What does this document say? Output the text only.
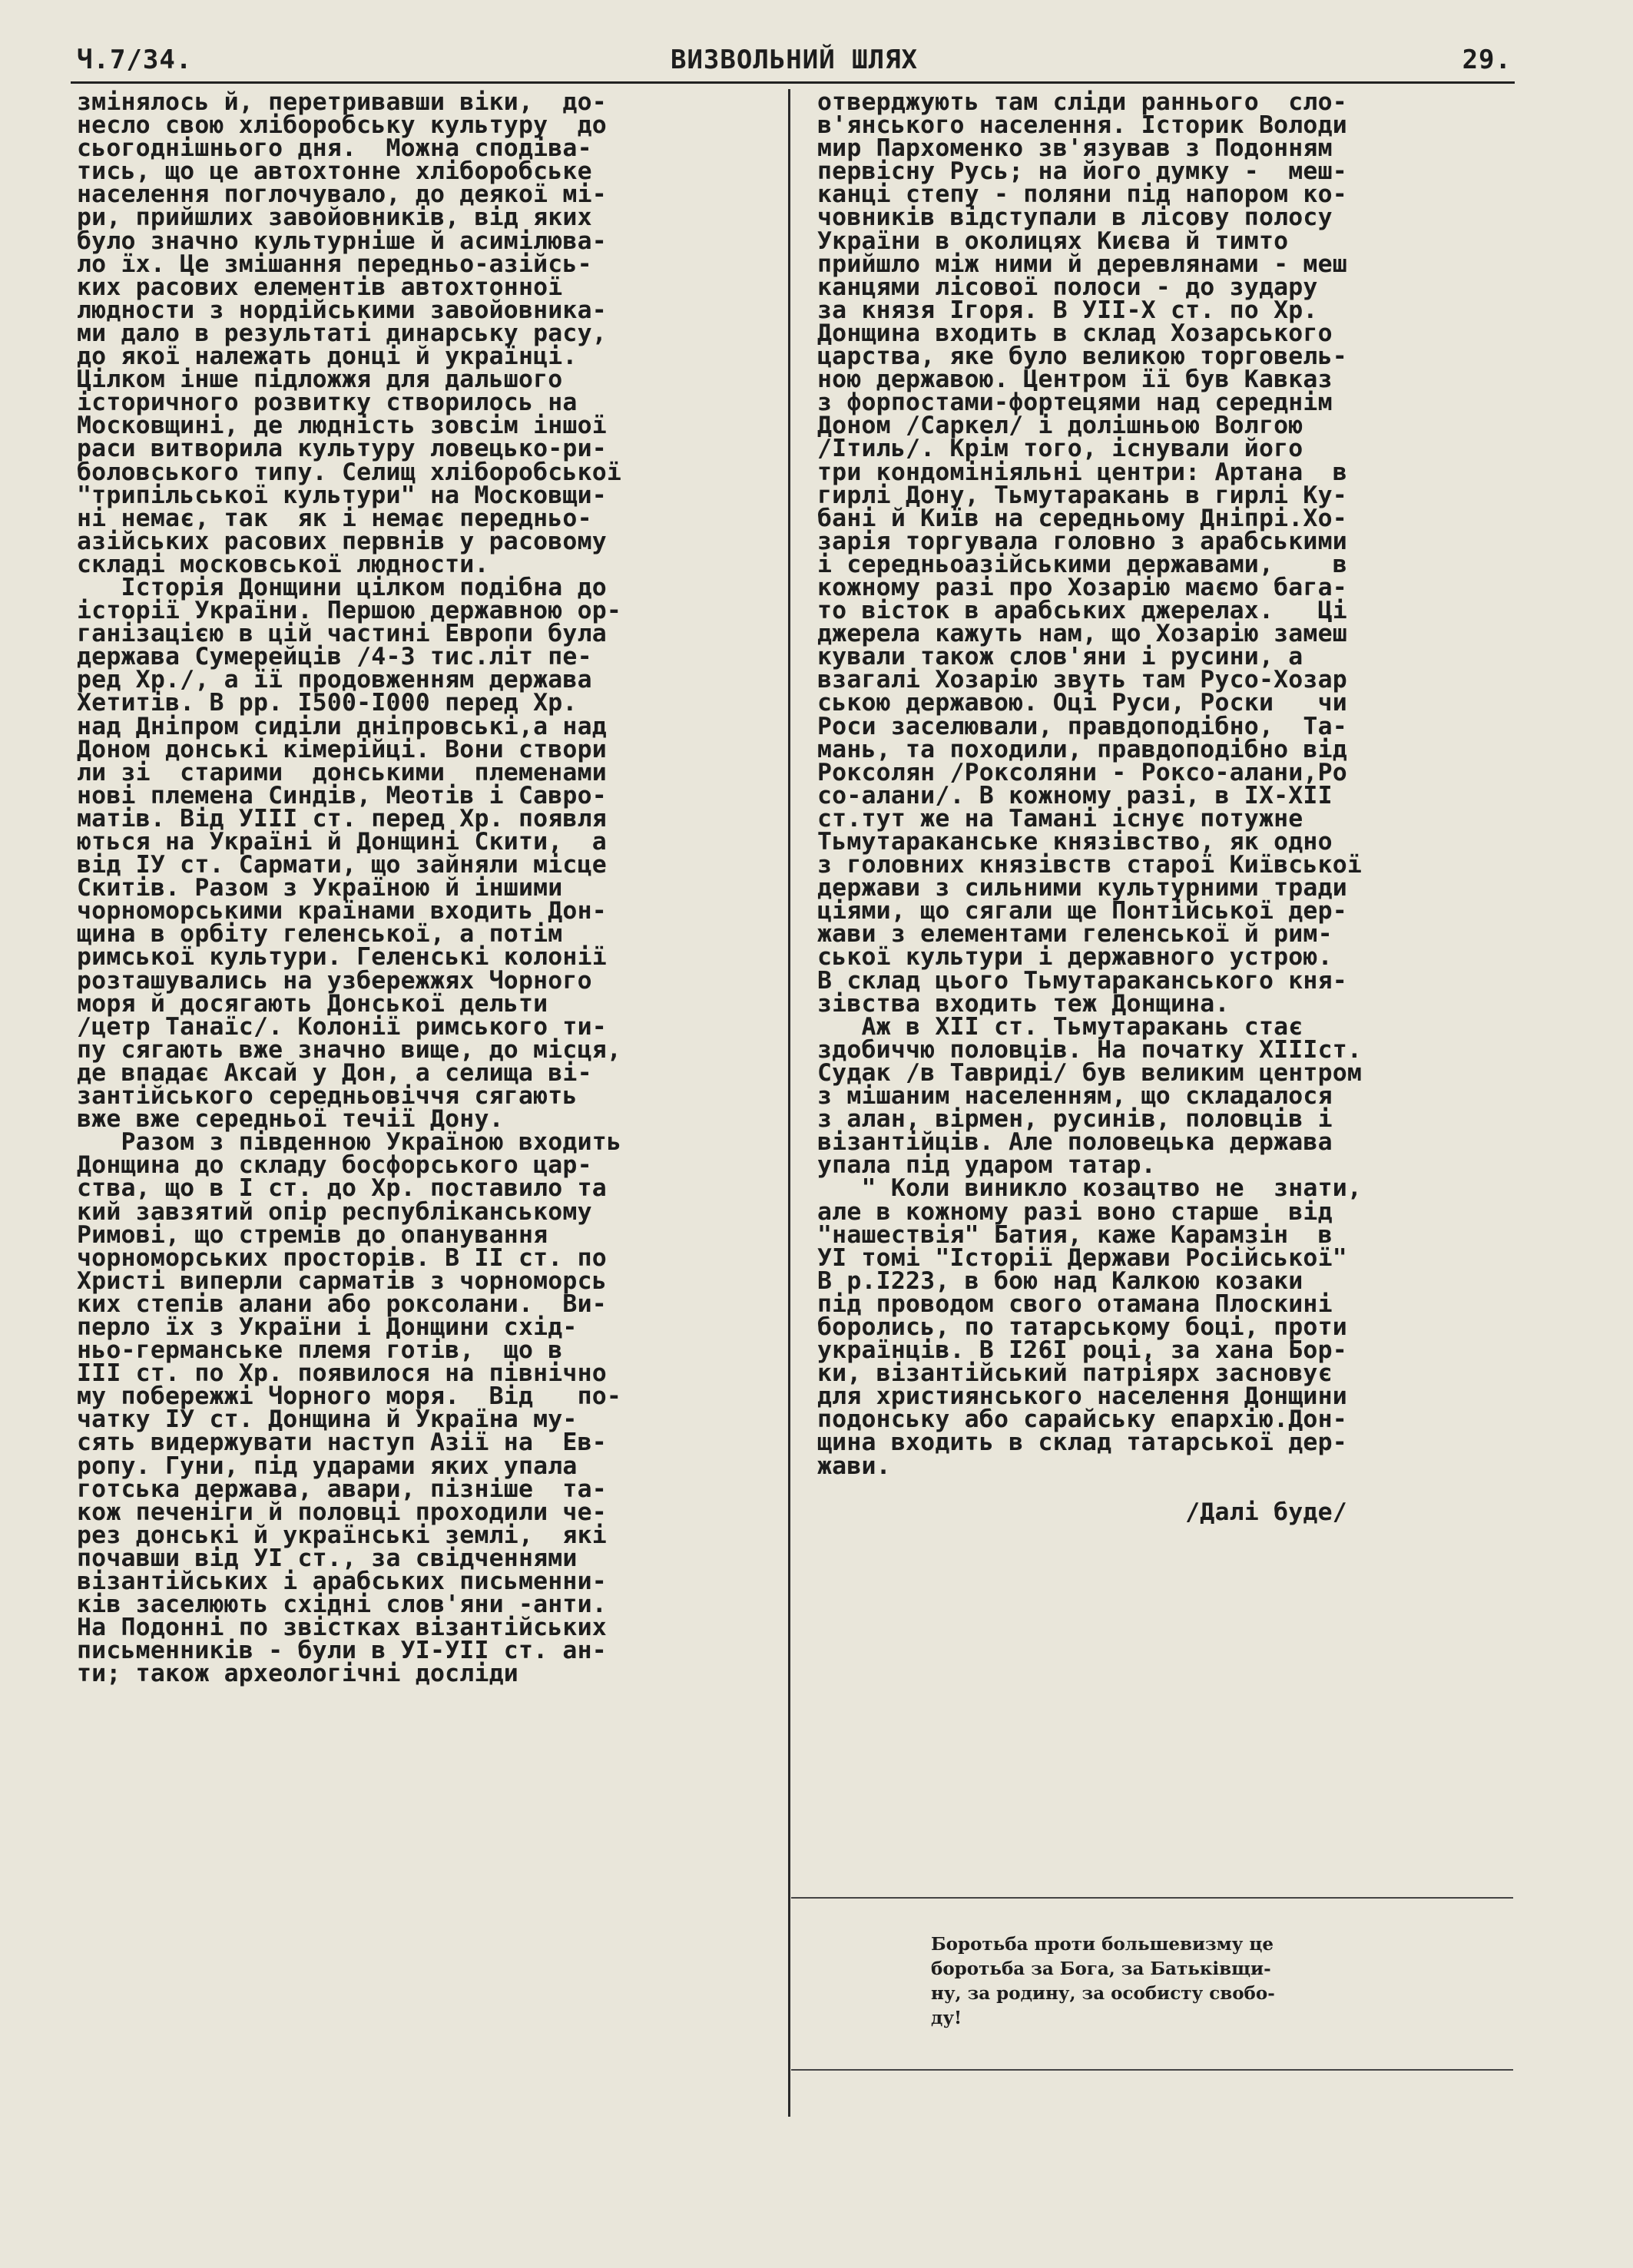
Ч.7/34.	ВИЗВОЛЬНИЙ ШЛЯХ	29.
змінялось й, перетривавши віки,  до-
несло свою хліборобську культуру  до
сьогоднішнього дня.  Можна сподіва-
тись, що це автохтонне хліборобське
населення поглочувало, до деякої мі-
ри, прийшлих завойовників, від яких
було значно культурніше й асимілюва-
ло їх. Це змішання передньо-азійсь-
ких расових елементів автохтонної
людности з нордійськими завойовника-
ми дало в результаті динарську расу,
до якої належать донці й українці.
Цілком інше підложжя для дальшого
історичного розвитку створилось на
Московщині, де людність зовсім іншої
раси витворила культуру ловецько-ри-
боловського типу. Селищ хліборобської
"трипільської культури" на Московщи-
ні немає, так  як і немає передньо-
азійських расових первнів у расовому
складі московської людности.
Історія Донщини цілком подібна до
історії України. Першою державною ор-
ганізацією в цій частині Европи була
держава Сумерейців /4-3 тис.літ пе-
ред Хр./, а її продовженням держава
Хетитів. В рр. I500-I000 перед Хр.
над Дніпром сиділи дніпровські,а над
Доном донські кімерійці. Вони створи
ли зі  старими  донськими  племенами
нові племена Синдів, Меотів і Савро-
матів. Від УІІІ ст. перед Хр. появля
ються на Україні й Донщині Скити,  а
від ІУ ст. Сармати, що зайняли місце
Скитів. Разом з Україною й іншими
чорноморськими країнами входить Дон-
щина в орбіту геленської, а потім
римської культури. Геленські колонії
розташувались на узбережжях Чорного
моря й досягають Донської дельти
/цетр Танаїс/. Колонії римського ти-
пу сягають вже значно вище, до місця,
де впадає Аксай у Дон, а селища ві-
зантійського середньовіччя сягають
вже вже середньої течії Дону.
Разом з південною Україною входить
Донщина до складу босфорського цар-
ства, що в І ст. до Хр. поставило та
кий завзятий опір республіканському
Римові, що стремів до опанування
чорноморських просторів. В ІІ ст. по
Христі виперли сарматів з чорноморсь
ких степів алани або роксолани.  Ви-
перло їх з України і Донщини схід-
ньо-германське племя готів,  що в
ІІІ ст. по Хр. появилося на північно
му побережжі Чорного моря.  Від   по-
чатку ІУ ст. Донщина й Україна му-
сять видержувати наступ Азії на  Ев-
ропу. Гуни, під ударами яких упала
готська держава, авари, пізніше  та-
кож печеніги й половці проходили че-
рез донські й українські землі,  які
почавши від УІ ст., за свідченнями
візантійських і арабських письменни-
ків заселюють східні слов'яни -анти.
На Подонні по звістках візантійських
письменників - були в УІ-УІІ ст. ан-
ти; також археологічні досліди
отверджують там сліди раннього  сло-
в'янського населення. Історик Володи
мир Пархоменко зв'язував з Подонням
первісну Русь; на його думку -  меш-
канці степу - поляни під напором ко-
човників відступали в лісову полосу
України в околицях Києва й тимто
прийшло між ними й деревлянами - меш
канцями лісової полоси - до зудару
за князя Ігоря. В УІІ-Х ст. по Хр.
Донщина входить в склад Хозарського
царства, яке було великою торговель-
ною державою. Центром її був Кавказ
з форпостами-фортецями над середнім
Доном /Саркел/ і долішньою Волгою
/Ітиль/. Крім того, існували його
три кондомініяльні центри: Артана  в
гирлі Дону, Тьмутаракань в гирлі Ку-
бані й Київ на середньому Дніпрі.Хо-
зарія торгувала головно з арабськими
і середньоазійськими державами,    в
кожному разі про Хозарію маємо бага-
то вісток в арабських джерелах.   Ці
джерела кажуть нам, що Хозарію замеш
кували також слов'яни і русини, а
взагалі Хозарію звуть там Русо-Хозар
ською державою. Оці Руси, Роски   чи
Роси заселювали, правдоподібно,  Та-
мань, та походили, правдоподібно від
Роксолян /Роксоляни - Роксо-алани,Ро
со-алани/. В кожному разі, в ІХ-ХІІ
ст.тут же на Тамані існує потужне
Тьмутараканське князівство, як одно
з головних князівств старої Київської
держави з сильними культурними тради
ціями, що сягали ще Понтійської дер-
жави з елементами геленської й рим-
ської культури і державного устрою.
В склад цього Тьмутараканського кня-
зівства входить теж Донщина.
Аж в ХІІ ст. Тьмутаракань стає
здобиччю половців. На початку ХІІІст.
Судак /в Тавриді/ був великим центром
з мішаним населенням, що складалося
з алан, вірмен, русинів, половців і
візантійців. Але половецька держава
упала під ударом татар.
" Коли виникло козацтво не  знати,
але в кожному разі воно старше  від
"нашествія" Батия, каже Карамзін  в
УІ томі "Історії Держави Російської"
В р.І223, в бою над Калкою козаки
під проводом свого отамана Плоскині
боролись, по татарському боці, проти
українців. В І26І році, за хана Бор-
ки, візантійський патріярх засновує
для християнського населення Донщини
подонську або сарайську епархію.Дон-
щина входить в склад татарської дер-
жави.
/Далі буде/
Боротьба проти большевизму це
боротьба за Бога, за Батьківщи-
ну, за родину, за особисту свобо-
ду!
